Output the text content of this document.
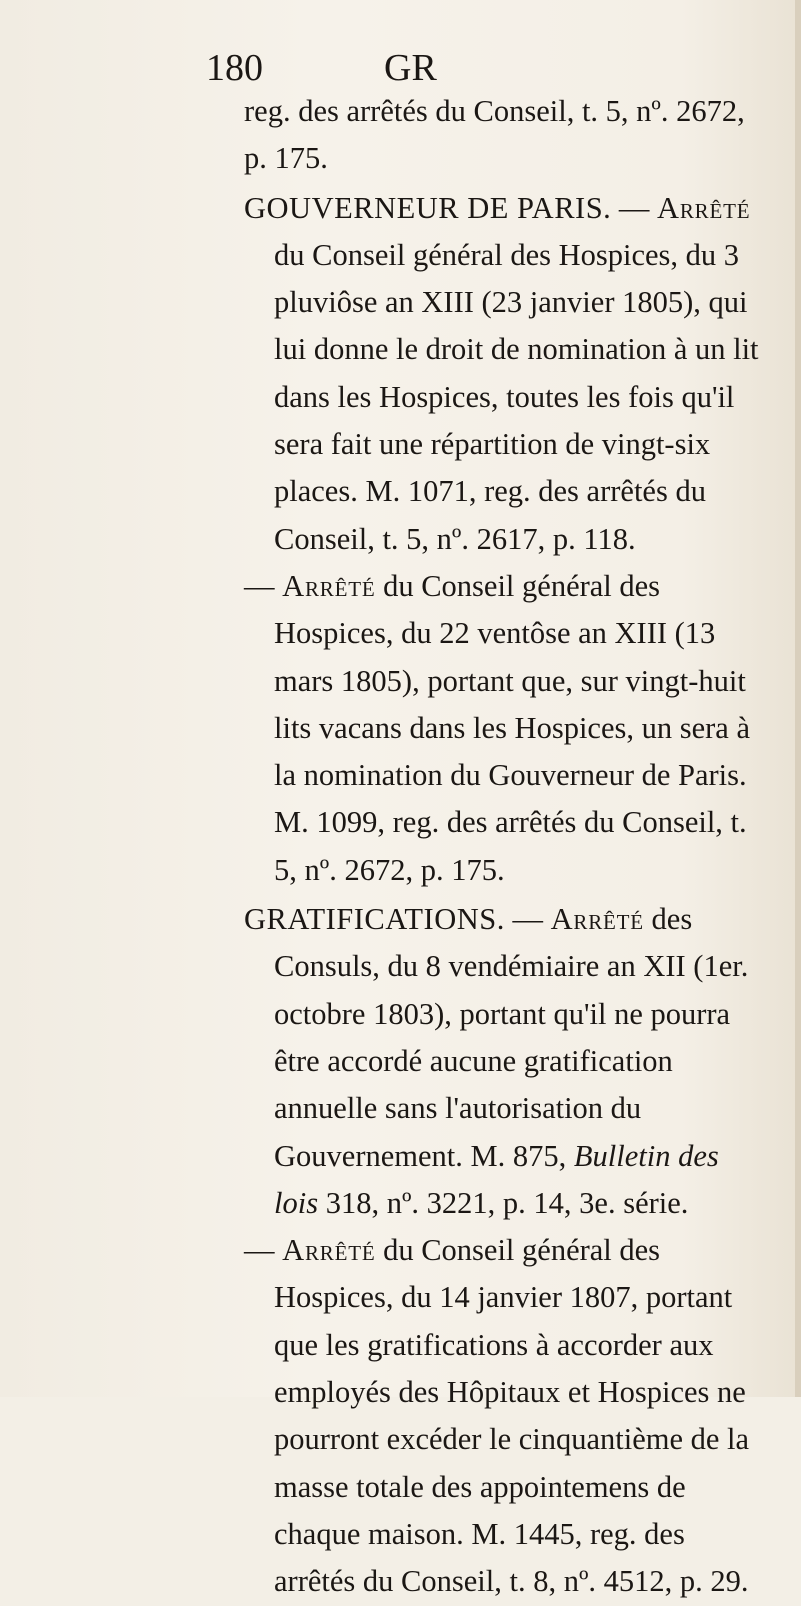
180	GR

reg. des arrêtés du Conseil, t. 5, nº. 2672, p. 175.

GOUVERNEUR DE PARIS. — Arrêté du Conseil général des Hospices, du 3 pluviôse an XIII (23 janvier 1805), qui lui donne le droit de nomination à un lit dans les Hospices, toutes les fois qu'il sera fait une répartition de vingt-six places. M. 1071, reg. des arrêtés du Conseil, t. 5, nº. 2617, p. 118.

— Arrêté du Conseil général des Hospices, du 22 ventôse an XIII (13 mars 1805), portant que, sur vingt-huit lits vacans dans les Hospices, un sera à la nomination du Gouverneur de Paris. M. 1099, reg. des arrêtés du Conseil, t. 5, nº. 2672, p. 175.

GRATIFICATIONS. — Arrêté des Consuls, du 8 vendémiaire an XII (1er. octobre 1803), portant qu'il ne pourra être accordé aucune gratification annuelle sans l'autorisation du Gouvernement. M. 875, Bulletin des lois 318, nº. 3221, p. 14, 3e. série.

— Arrêté du Conseil général des Hospices, du 14 janvier 1807, portant que les gratifications à accorder aux employés des Hôpitaux et Hospices ne pourront excéder le cinquantième de la masse totale des appointemens de chaque maison. M. 1445, reg. des arrêtés du Conseil, t. 8, nº. 4512, p. 29.
